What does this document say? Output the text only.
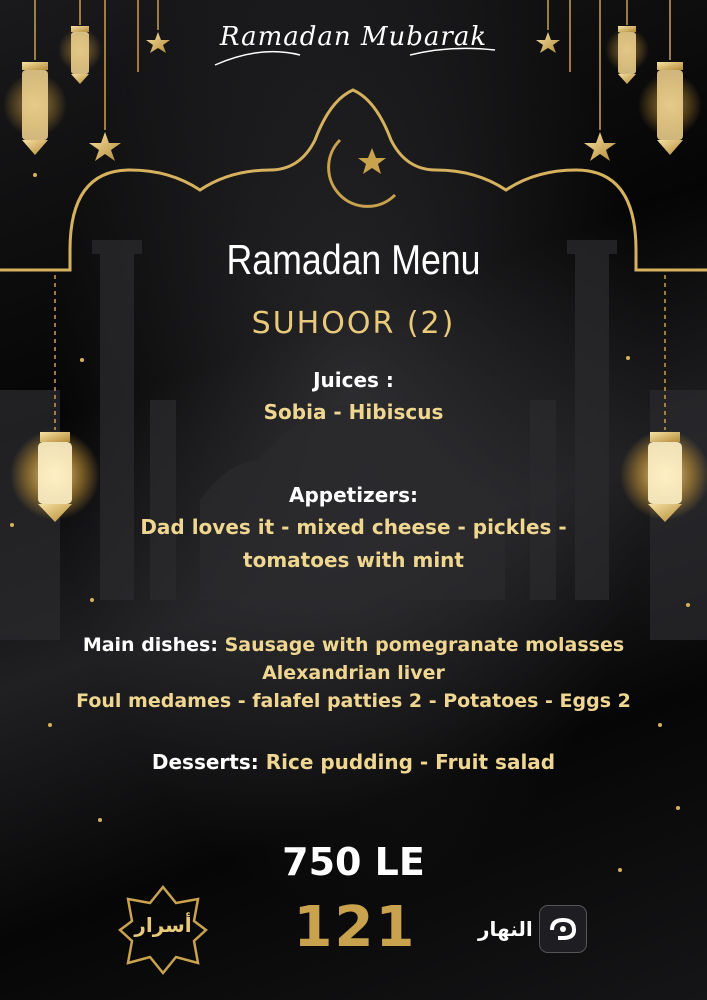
Ramadan Mubarak

Ramadan Menu

SUHOOR (2)

Juices :

Sobia - Hibiscus

Appetizers:

Dad loves it - mixed cheese - pickles -

tomatoes with mint

Main dishes: Sausage with pomegranate molasses

Alexandrian liver

Foul medames - falafel patties 2 - Potatoes - Eggs 2

Desserts: Rice pudding - Fruit salad

750 LE

أسرار 121	النهار
